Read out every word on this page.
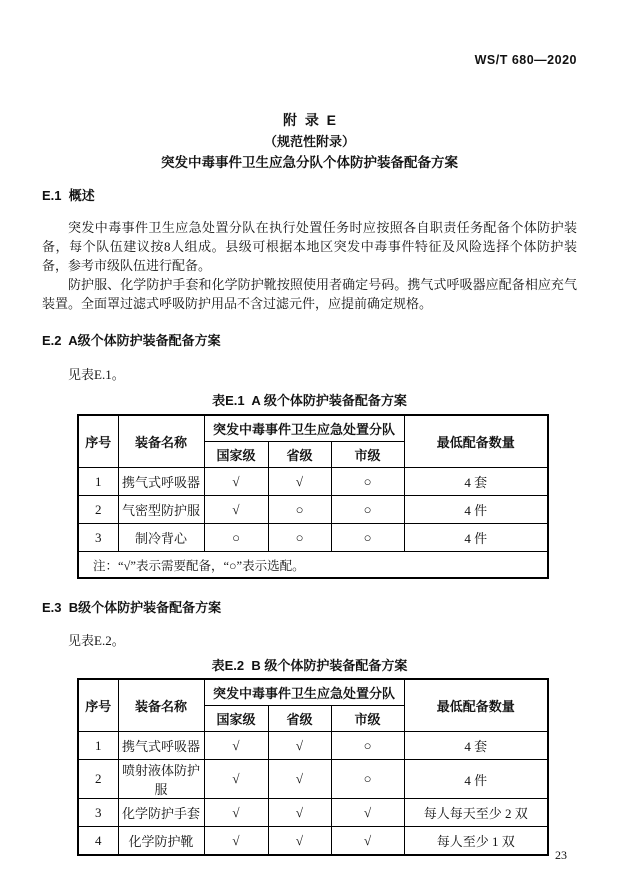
WS/T 680—2020
附  录  E
（规范性附录）
突发中毒事件卫生应急分队个体防护装备配备方案
E.1  概述

突发中毒事件卫生应急处置分队在执行处置任务时应按照各自职责任务配备个体防护装备，每个队伍建议按8人组成。县级可根据本地区突发中毒事件特征及风险选择个体防护装备，参考市级队伍进行配备。

防护服、化学防护手套和化学防护靴按照使用者确定号码。携气式呼吸器应配备相应充气装置。全面罩过滤式呼吸防护用品不含过滤元件，应提前确定规格。

E.2  A级个体防护装备配备方案
见表E.1。
表E.1  A 级个体防护装备配备方案
序号	装备名称	突发中毒事件卫生应急处置分队			最低配备数量
		国家级	省级	市级	
1	携气式呼吸器	√	√	○	4 套
2	气密型防护服	√	○	○	4 件
3	制冷背心	○	○	○	4 件
注：“√”表示需要配备，“○”表示选配。					
E.3  B级个体防护装备配备方案
见表E.2。
表E.2  B 级个体防护装备配备方案
序号	装备名称	突发中毒事件卫生应急处置分队			最低配备数量
		国家级	省级	市级	
1	携气式呼吸器	√	√	○	4 套
2	喷射液体防护服	√	√	○	4 件
3	化学防护手套	√	√	√	每人每天至少 2 双
4	化学防护靴	√	√	√	每人至少 1 双
23
